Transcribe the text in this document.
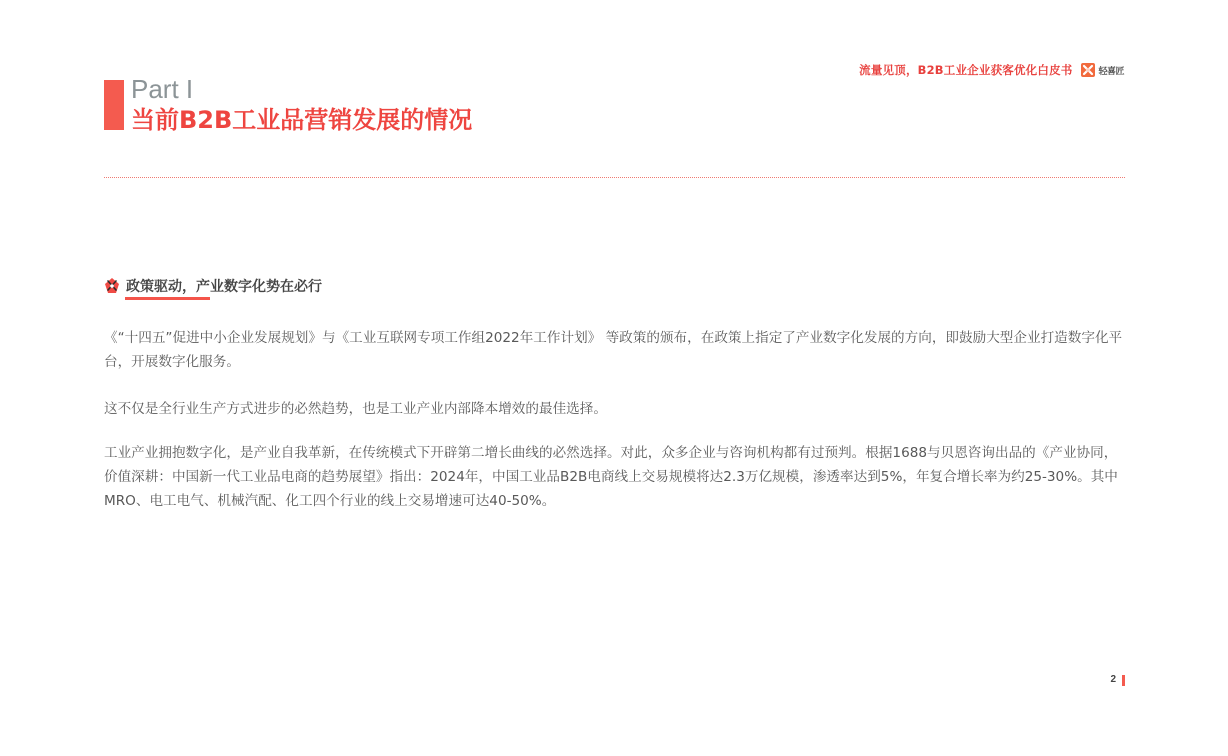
流量见顶，B2B工业企业获客优化白皮书	轻喜匠
Part I
当前B2B工业品营销发展的情况
政策驱动，产业数字化势在必行

《“十四五”促进中小企业发展规划》与《工业互联网专项工作组2022年工作计划》 等政策的颁布，在政策上指定了产业数字化发展的方向，即鼓励大型企业打造数字化平台，开展数字化服务。

这不仅是全行业生产方式进步的必然趋势，也是工业产业内部降本增效的最佳选择。

工业产业拥抱数字化，是产业自我革新，在传统模式下开辟第二增长曲线的必然选择。对此，众多企业与咨询机构都有过预判。根据1688与贝恩咨询出品的《产业协同，价值深耕：中国新一代工业品电商的趋势展望》指出：2024年，中国工业品B2B电商线上交易规模将达2.3万亿规模，渗透率达到5%，年复合增长率为约25-30%。其中MRO、电工电气、机械汽配、化工四个行业的线上交易增速可达40-50%。

2
